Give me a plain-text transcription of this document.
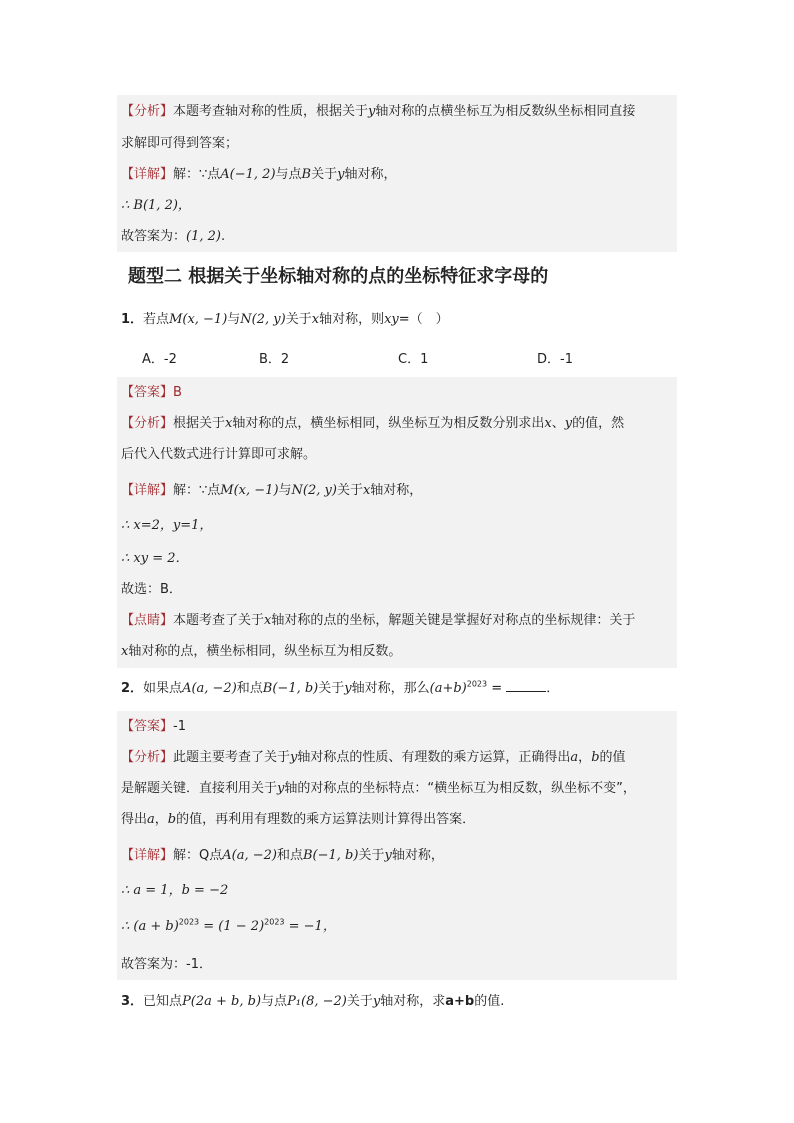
【分析】本题考查轴对称的性质，根据关于y轴对称的点横坐标互为相反数纵坐标相同直接
求解即可得到答案；
【详解】解：∵点A(−1, 2)与点B关于y轴对称，
∴ B(1, 2)，
故答案为：(1, 2).
题型二 根据关于坐标轴对称的点的坐标特征求字母的
1．若点M(x, −1)与N(2, y)关于x轴对称，则xy=（　）
A．-2	B．2	C．1	D．-1
【答案】B
【分析】根据关于x轴对称的点，横坐标相同，纵坐标互为相反数分别求出x、y的值，然
后代入代数式进行计算即可求解。
【详解】解：∵点M(x, −1)与N(2, y)关于x轴对称，
∴ x=2，y=1，
∴ xy = 2．
故选：B．
【点睛】本题考查了关于x轴对称的点的坐标，解题关键是掌握好对称点的坐标规律：关于
x轴对称的点，横坐标相同，纵坐标互为相反数。
2．如果点A(a, −2)和点B(−1, b)关于y轴对称，那么$(a+b)^{2023}$ =	．
【答案】-1
【分析】此题主要考查了关于y轴对称点的性质、有理数的乘方运算，正确得出a，b的值
是解题关键．直接利用关于y轴的对称点的坐标特点：“横坐标互为相反数，纵坐标不变”，
得出a，b的值，再利用有理数的乘方运算法则计算得出答案．
【详解】解：Q点A(a, −2)和点B(−1, b)关于y轴对称，
∴ a = 1，b = −2
∴ $(a + b)^{2023} = (1 - 2)^{2023} = -1$，
故答案为：-1．
3．已知点P(2a + b, b)与点P₁(8, −2)关于y轴对称，求a+b的值.
